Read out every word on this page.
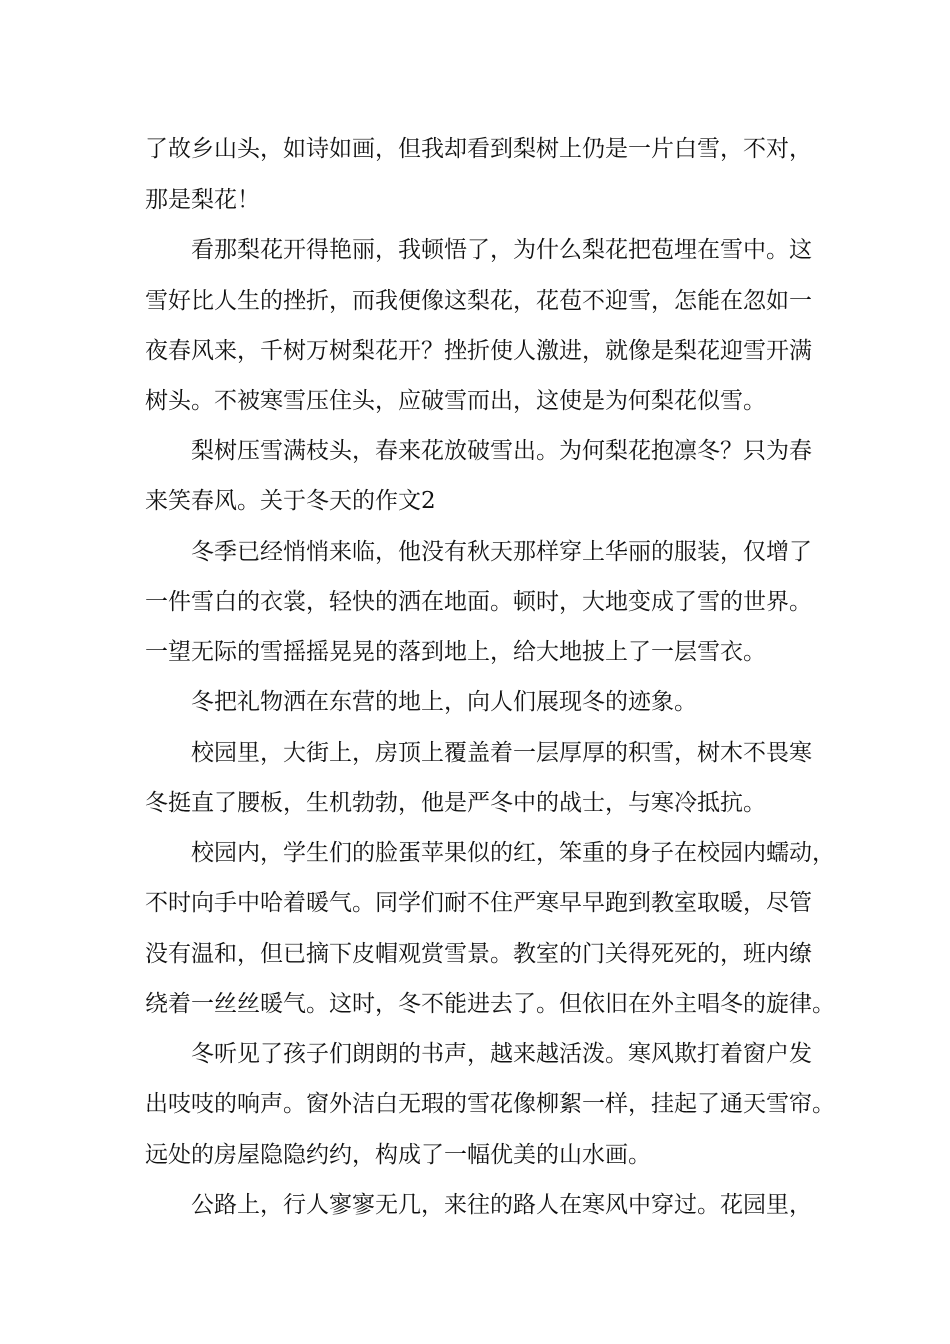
了故乡山头，如诗如画，但我却看到梨树上仍是一片白雪，不对，

那是梨花！

看那梨花开得艳丽，我顿悟了，为什么梨花把苞埋在雪中。这

雪好比人生的挫折，而我便像这梨花，花苞不迎雪，怎能在忽如一

夜春风来，千树万树梨花开？挫折使人激进，就像是梨花迎雪开满

树头。不被寒雪压住头，应破雪而出，这使是为何梨花似雪。

梨树压雪满枝头，春来花放破雪出。为何梨花抱凛冬？只为春

来笑春风。关于冬天的作文2

冬季已经悄悄来临，他没有秋天那样穿上华丽的服装，仅增了

一件雪白的衣裳，轻快的洒在地面。顿时，大地变成了雪的世界。

一望无际的雪摇摇晃晃的落到地上，给大地披上了一层雪衣。

冬把礼物洒在东营的地上，向人们展现冬的迹象。

校园里，大街上，房顶上覆盖着一层厚厚的积雪，树木不畏寒

冬挺直了腰板，生机勃勃，他是严冬中的战士，与寒冷抵抗。

校园内，学生们的脸蛋苹果似的红，笨重的身子在校园内蠕动，

不时向手中哈着暖气。同学们耐不住严寒早早跑到教室取暖，尽管

没有温和，但已摘下皮帽观赏雪景。教室的门关得死死的，班内缭

绕着一丝丝暖气。这时，冬不能进去了。但依旧在外主唱冬的旋律。

冬听见了孩子们朗朗的书声，越来越活泼。寒风欺打着窗户发

出吱吱的响声。窗外洁白无瑕的雪花像柳絮一样，挂起了通天雪帘。

远处的房屋隐隐约约，构成了一幅优美的山水画。

公路上，行人寥寥无几，来往的路人在寒风中穿过。花园里，
